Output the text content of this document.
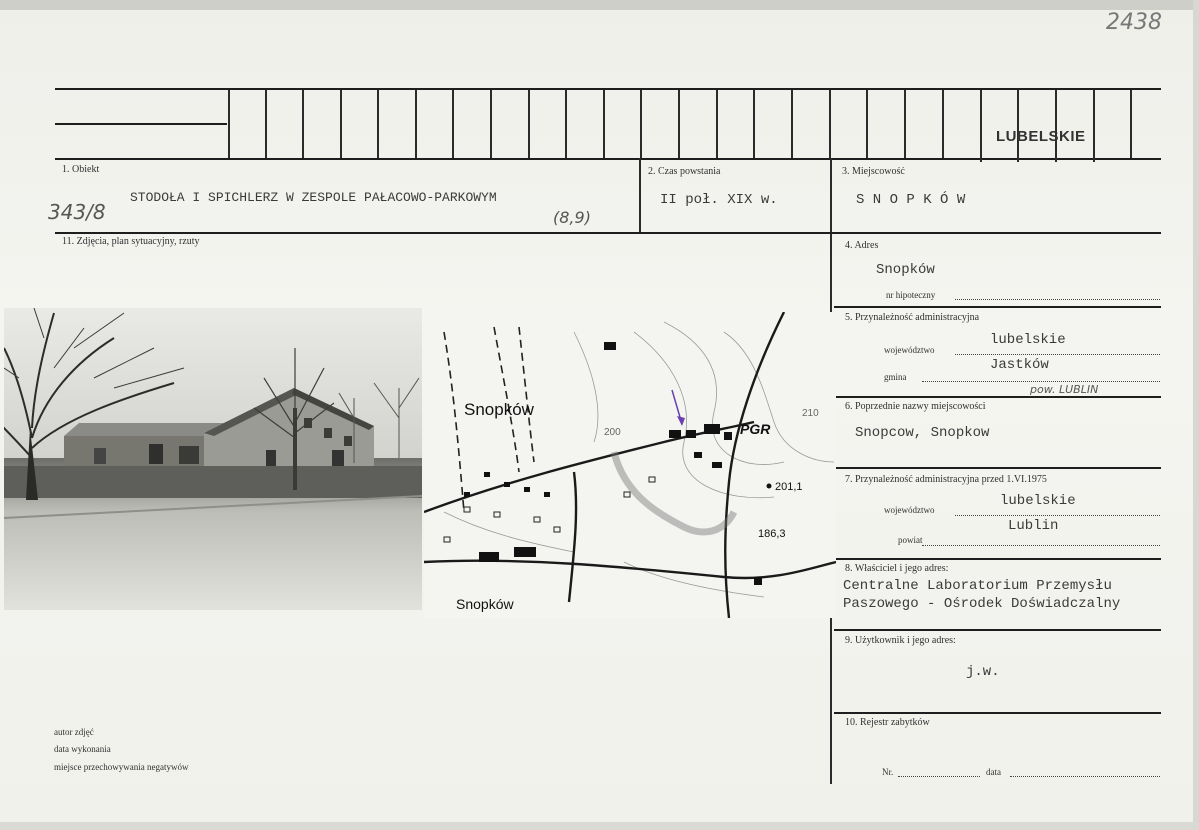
2438
LUBELSKIE
1. Obiekt
STODOŁA I SPICHLERZ W ZESPOLE PAŁACOWO-PARKOWYM
343/8	(8,9)
2. Czas powstania
II poł. XIX w.
3. Miejscowość
S N O P K Ó W
11. Zdjęcia, plan sytuacyjny, rzuty	4. Adres
Snopków
nr hipoteczny
5. Przynależność administracyjna
województwo
lubelskie
gmina
Jastków
pow. LUBLIN
6. Poprzednie nazwy miejscowości
Snopcow, Snopkow
7. Przynależność administracyjna przed 1.VI.1975
województwo
lubelskie
powiat
Lublin
8. Właściciel i jego adres:
Centralne Laboratorium Przemysłu
Paszowego - Ośrodek Doświadczalny
9. Użytkownik i jego adres:
j.w.
10. Rejestr zabytków
Nr.	data
autor zdjęć
data wykonania
miejsce przechowywania negatywów
Snopków
Snopków
PGR
201,1
186,3
210
200
